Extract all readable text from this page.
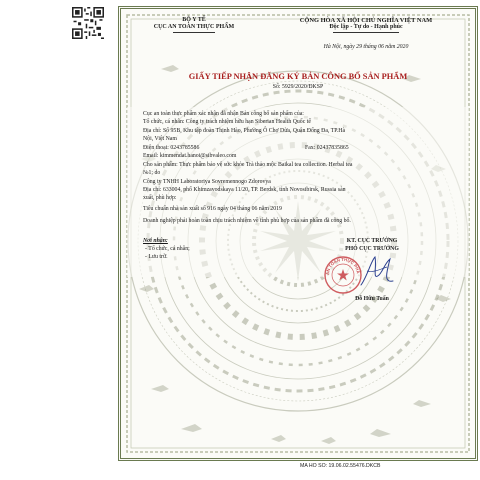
BỘ Y TẾ
CỤC AN TOÀN THỰC PHẨM
CỘNG HÒA XÃ HỘI CHỦ NGHĨA VIỆT NAM
Độc lập - Tự do - Hạnh phúc
Hà Nội, ngày 29 tháng 06 năm 2020
GIẤY TIẾP NHẬN ĐĂNG KÝ BẢN CÔNG BỐ SẢN PHẨM
Số: 5929/2020/ĐKSP
Cục an toàn thực phẩm xác nhận đã nhận Bản công bố sản phẩm của:
Tổ chức, cá nhân: Công ty trách nhiệm hữu hạn Siberian Health Quốc tế
Địa chỉ: Số 95B, Khu tập đoàn Thịnh Hào, Phường Ô Chợ Dừa, Quận Đống Đa, TP.Hà
Nội, Việt Nam
Điện thoại: 0243785586	Fax: 02437835865
Email: kimmendat.hanoi@sibvaleo.com
Cho sản phẩm: Thực phẩm bảo vệ sức khỏe Trà thảo mộc Baikal tea collection. Herbal tea
№1; do
Công ty TNHH Laboratoriya Sovremennogo Zdorovya
Địa chỉ: 633004, phố Khimzavodskaya 11/20, TP. Berdsk, tỉnh Novosibirsk, Russia sản
xuất, phù hợp:
Tiêu chuẩn nhà sản xuất số 916 ngày 04 tháng 06 năm 2019
Doanh nghiệp phải hoàn toàn chịu trách nhiệm về tính phù hợp của sản phẩm đã công bố.
Nơi nhận:
- Tổ chức, cá nhân;
- Lưu trữ.
KT. CỤC TRƯỞNG
PHÓ CỤC TRƯỞNG
AN TOÀN THỰC PHẨ
Đỗ Hữu Tuấn
MA HO SO: 19.06.02.55476.DKCB
